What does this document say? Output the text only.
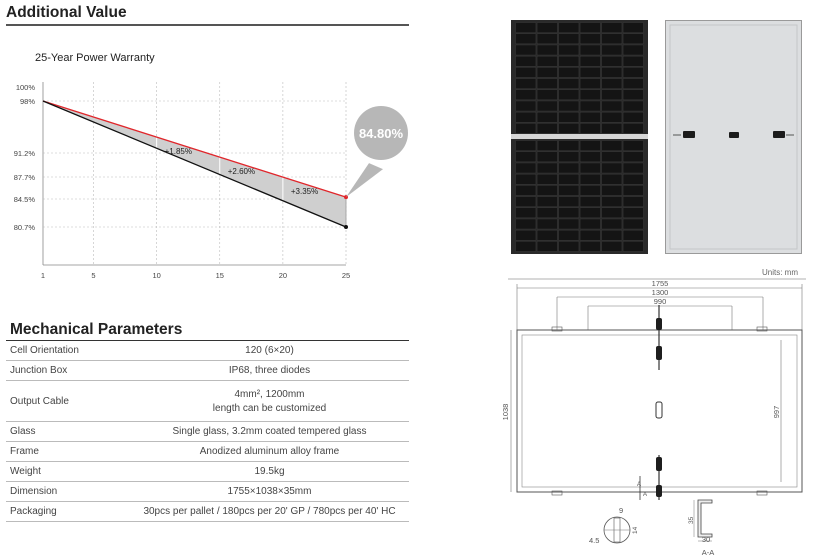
Additional Value
25-Year Power Warranty
100%
98%
91.2%
87.7%
84.5%
80.7%
1	5	10	15	20	25
+1.85%
+2.60%
+3.35%
84.80%
Mechanical Parameters
Cell Orientation	120 (6×20)
Junction Box	IP68, three diodes
Output Cable	4mm², 1200mm
length can be customized

Glass	Single glass, 3.2mm coated tempered glass
Frame	Anodized aluminum alloy frame
Weight	19.5kg
Dimension	1755×1038×35mm
Packaging	30pcs per pallet / 180pcs per 20' GP / 780pcs per 40' HC
Units: mm
1755
1300
990
1038	997
A
A
9
14
4.5
35
30
A-A
